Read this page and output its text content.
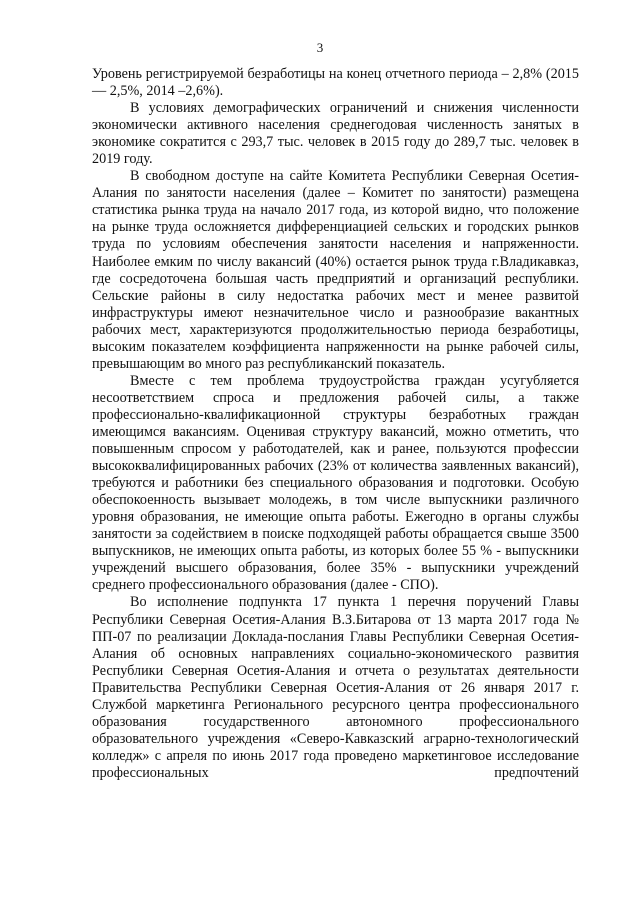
3

Уровень регистрируемой безработицы на конец отчетного периода – 2,8% (2015 — 2,5%, 2014 –2,6%).

В условиях демографических ограничений и снижения численности экономически активного населения среднегодовая численность занятых в экономике сократится с 293,7 тыс. человек в 2015 году до 289,7 тыс. человек в 2019 году.

В свободном доступе на сайте Комитета Республики Северная Осетия-Алания по занятости населения (далее – Комитет по занятости) размещена статистика рынка труда на начало 2017 года, из которой видно, что положение на рынке труда осложняется дифференциацией сельских и городских рынков труда по условиям обеспечения занятости населения и напряженности. Наиболее емким по числу вакансий (40%) остается рынок труда г.Владикавказ, где сосредоточена большая часть предприятий и организаций республики. Сельские районы в силу недостатка рабочих мест и менее развитой инфраструктуры имеют незначительное число и разнообразие вакантных рабочих мест, характеризуются продолжительностью периода безработицы, высоким показателем коэффициента напряженности на рынке рабочей силы, превышающим во много раз республиканский показатель.

Вместе с тем проблема трудоустройства граждан усугубляется несоответствием спроса и предложения рабочей силы, а также профессионально-квалификационной структуры безработных граждан имеющимся вакансиям. Оценивая структуру вакансий, можно отметить, что повышенным спросом у работодателей, как и ранее, пользуются профессии высококвалифицированных рабочих (23% от количества заявленных вакансий), требуются и работники без специального образования и подготовки. Особую обеспокоенность вызывает молодежь, в том числе выпускники различного уровня образования, не имеющие опыта работы. Ежегодно в органы службы занятости за содействием в поиске подходящей работы обращается свыше 3500 выпускников, не имеющих опыта работы, из которых более 55 % - выпускники учреждений высшего образования, более 35% - выпускники учреждений среднего профессионального образования (далее - СПО).

Во исполнение подпункта 17 пункта 1 перечня поручений Главы Республики Северная Осетия-Алания В.З.Битарова от 13 марта 2017 года № ПП-07 по реализации Доклада-послания Главы Республики Северная Осетия-Алания об основных направлениях социально-экономического развития Республики Северная Осетия-Алания и отчета о результатах деятельности Правительства Республики Северная Осетия-Алания от 26 января 2017 г. Службой маркетинга Регионального ресурсного центра профессионального образования государственного автономного профессионального образовательного учреждения «Северо-Кавказский аграрно-технологический колледж» с апреля по июнь 2017 года проведено маркетинговое исследование профессиональных предпочтений
